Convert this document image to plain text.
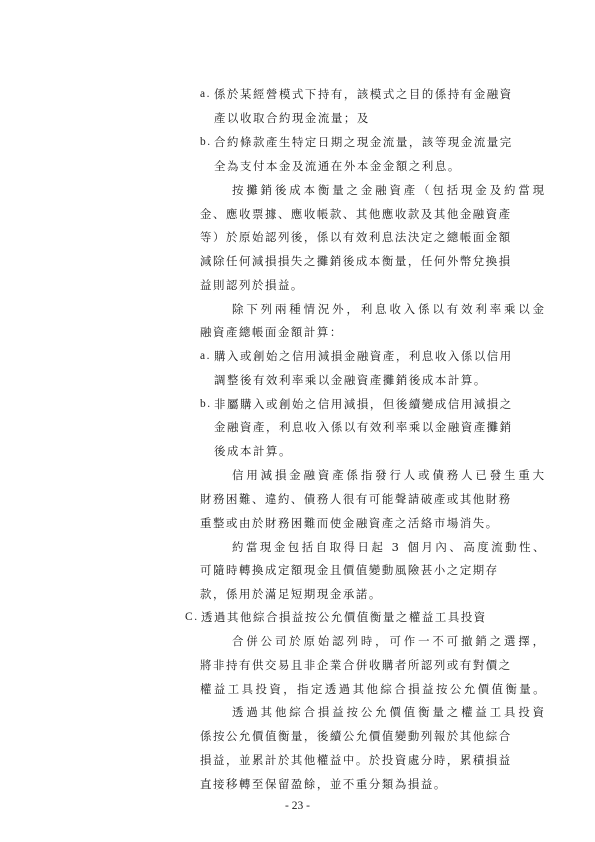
a. 係於某經營模式下持有，該模式之目的係持有金融資
產以收取合約現金流量；及
b. 合約條款產生特定日期之現金流量，該等現金流量完
全為支付本金及流通在外本金金額之利息。
按攤銷後成本衡量之金融資產（包括現金及約當現
金、應收票據、應收帳款、其他應收款及其他金融資產
等）於原始認列後，係以有效利息法決定之總帳面金額
減除任何減損損失之攤銷後成本衡量，任何外幣兌換損
益則認列於損益。
除下列兩種情況外，利息收入係以有效利率乘以金
融資產總帳面金額計算：
a. 購入或創始之信用減損金融資產，利息收入係以信用
調整後有效利率乘以金融資產攤銷後成本計算。
b. 非屬購入或創始之信用減損，但後續變成信用減損之
金融資產，利息收入係以有效利率乘以金融資產攤銷
後成本計算。
信用減損金融資產係指發行人或債務人已發生重大
財務困難、違約、債務人很有可能聲請破產或其他財務
重整或由於財務困難而使金融資產之活絡市場消失。
約當現金包括自取得日起 3 個月內、高度流動性、
可隨時轉換成定額現金且價值變動風險甚小之定期存
款，係用於滿足短期現金承諾。
C. 透過其他綜合損益按公允價值衡量之權益工具投資
合併公司於原始認列時，可作一不可撤銷之選擇，
將非持有供交易且非企業合併收購者所認列或有對價之
權益工具投資，指定透過其他綜合損益按公允價值衡量。
透過其他綜合損益按公允價值衡量之權益工具投資
係按公允價值衡量，後續公允價值變動列報於其他綜合
損益，並累計於其他權益中。於投資處分時，累積損益
直接移轉至保留盈餘，並不重分類為損益。
- 23 -
